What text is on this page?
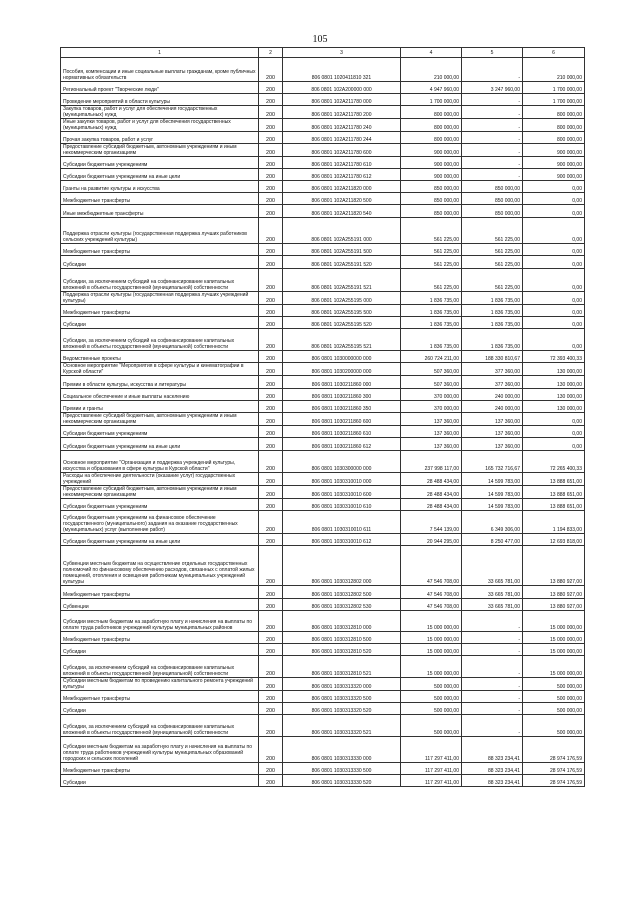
105
1	2	3	4	5	6
Пособия, компенсации и иные социальные выплаты гражданам, кроме публичных нормативных обязательств	200	806 0801 1020411810 321	210 000,00	-	210 000,00
Региональный проект "Творческие люди"	200	806 0801 102A200000 000	4 947 960,00	3 247 960,00	1 700 000,00
Проведение мероприятий в области культуры	200	806 0801 102A211780 000	1 700 000,00	-	1 700 000,00
Закупка товаров, работ и услуг для обеспечения государственных (муниципальных) нужд	200	806 0801 102A211780 200	800 000,00	-	800 000,00
Иные закупки товаров, работ и услуг для обеспечения государственных (муниципальных) нужд	200	806 0801 102A211780 240	800 000,00	-	800 000,00
Прочая закупка товаров, работ и услуг	200	806 0801 102A211780 244	800 000,00	-	800 000,00
Предоставление субсидий бюджетным, автономным учреждениям и иным некоммерческим организациям	200	806 0801 102A211780 600	900 000,00	-	900 000,00
Субсидии бюджетным учреждениям	200	806 0801 102A211780 610	900 000,00	-	900 000,00
Субсидии бюджетным учреждениям на иные цели	200	806 0801 102A211780 612	900 000,00	-	900 000,00
Гранты на развитие культуры и искусства	200	806 0801 102A211820 000	850 000,00	850 000,00	0,00
Межбюджетные трансферты	200	806 0801 102A211820 500	850 000,00	850 000,00	0,00
Иные межбюджетные трансферты	200	806 0801 102A211820 540	850 000,00	850 000,00	0,00
Поддержка отрасли культуры (государственная поддержка лучших работников сельских учреждений культуры)	200	806 0801 102A255191 000	561 225,00	561 225,00	0,00
Межбюджетные трансферты	200	806 0801 102A255191 500	561 225,00	561 225,00	0,00
Субсидии	200	806 0801 102A255191 520	561 225,00	561 225,00	0,00
Субсидии, за исключением субсидий на софинансирование капитальных вложений в объекты государственной (муниципальной) собственности	200	806 0801 102A255191 521	561 225,00	561 225,00	0,00
Поддержка отрасли культуры (государственная поддержка лучших учреждений культуры)	200	806 0801 102A255195 000	1 836 735,00	1 836 735,00	0,00
Межбюджетные трансферты	200	806 0801 102A255195 500	1 836 735,00	1 836 735,00	0,00
Субсидии	200	806 0801 102A255195 520	1 836 735,00	1 836 735,00	0,00
Субсидии, за исключением субсидий на софинансирование капитальных вложений в объекты государственной (муниципальной) собственности	200	806 0801 102A255195 521	1 836 735,00	1 836 735,00	0,00
Ведомственные проекты	200	806 0801 1030000000 000	260 724 211,00	188 330 810,67	72 393 400,33
Основное мероприятие "Мероприятия в сфере культуры и кинематографии в Курской области"	200	806 0801 1030200000 000	507 360,00	377 360,00	130 000,00
Премии в области культуры, искусства и литературы	200	806 0801 1030211860 000	507 360,00	377 360,00	130 000,00
Социальное обеспечение и иные выплаты населению	200	806 0801 1030211860 300	370 000,00	240 000,00	130 000,00
Премии и гранты	200	806 0801 1030211860 350	370 000,00	240 000,00	130 000,00
Предоставление субсидий бюджетным, автономным учреждениям и иным некоммерческим организациям	200	806 0801 1030211860 600	137 360,00	137 360,00	0,00
Субсидии бюджетным учреждениям	200	806 0801 1030211860 610	137 360,00	137 360,00	0,00
Субсидии бюджетным учреждениям на иные цели	200	806 0801 1030211860 612	137 360,00	137 360,00	0,00
Основное мероприятие "Организация и поддержка учреждений культуры, искусства и образования в сфере культуры в Курской области"	200	806 0801 1030300000 000	237 998 117,00	165 732 716,67	72 265 400,33
Расходы на обеспечение деятельности (оказание услуг) государственных учреждений	200	806 0801 1030310010 000	28 488 434,00	14 599 783,00	13 888 651,00
Предоставление субсидий бюджетным, автономным учреждениям и иным некоммерческим организациям	200	806 0801 1030310010 600	28 488 434,00	14 599 783,00	13 888 651,00
Субсидии бюджетным учреждениям	200	806 0801 1030310010 610	28 488 434,00	14 599 783,00	13 888 651,00
Субсидии бюджетным учреждениям на финансовое обеспечение государственного (муниципального) задания на оказание государственных (муниципальных) услуг (выполнение работ)	200	806 0801 1030310010 611	7 544 139,00	6 349 306,00	1 194 833,00
Субсидии бюджетным учреждениям на иные цели	200	806 0801 1030310010 612	20 944 295,00	8 250 477,00	12 693 818,00
Субвенции местным бюджетам на осуществление отдельных государственных полномочий по финансовому обеспечению расходов, связанных с оплатой жилых помещений, отопления и освещения работникам муниципальных учреждений культуры	200	806 0801 1030312802 000	47 546 708,00	33 665 781,00	13 880 927,00
Межбюджетные трансферты	200	806 0801 1030312802 500	47 546 708,00	33 665 781,00	13 880 927,00
Субвенции	200	806 0801 1030312802 530	47 546 708,00	33 665 781,00	13 880 927,00
Субсидии местным бюджетам на заработную плату и начисления на выплаты по оплате труда работников учреждений культуры муниципальных районов	200	806 0801 1030312810 000	15 000 000,00	-	15 000 000,00
Межбюджетные трансферты	200	806 0801 1030312810 500	15 000 000,00	-	15 000 000,00
Субсидии	200	806 0801 1030312810 520	15 000 000,00	-	15 000 000,00
Субсидии, за исключением субсидий на софинансирование капитальных вложений в объекты государственной (муниципальной) собственности	200	806 0801 1030312810 521	15 000 000,00	-	15 000 000,00
Субсидии местным бюджетам по проведению капитального ремонта учреждений культуры	200	806 0801 1030313320 000	500 000,00	-	500 000,00
Межбюджетные трансферты	200	806 0801 1030313320 500	500 000,00	-	500 000,00
Субсидии	200	806 0801 1030313320 520	500 000,00	-	500 000,00
Субсидии, за исключением субсидий на софинансирование капитальных вложений в объекты государственной (муниципальной) собственности	200	806 0801 1030313320 521	500 000,00	-	500 000,00
Субсидии местным бюджетам на заработную плату и начисления на выплаты по оплате труда работников учреждений культуры муниципальных образований городских и сельских поселений	200	806 0801 1030313330 000	117 297 411,00	88 323 234,41	28 974 176,59
Межбюджетные трансферты	200	806 0801 1030313330 500	117 297 411,00	88 323 234,41	28 974 176,59
Субсидии	200	806 0801 1030313330 520	117 297 411,00	88 323 234,41	28 974 176,59
